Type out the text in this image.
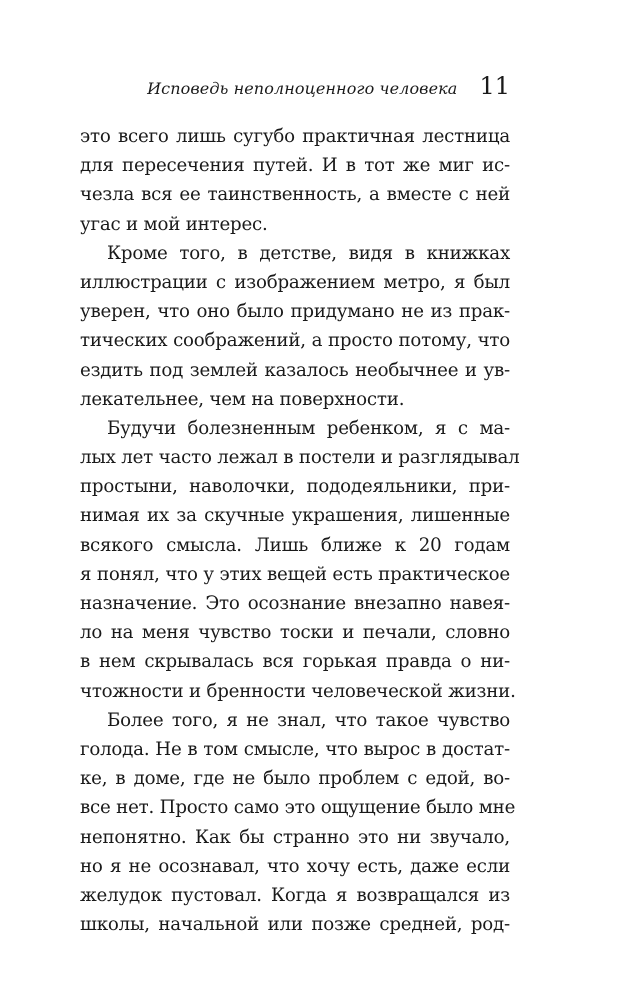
Исповедь неполноценного человека 11
это всего лишь сугубо практичная лестница
для пересечения путей. И в тот же миг ис-
чезла вся ее таинственность, а вместе с ней
угас и мой интерес.
Кроме того, в детстве, видя в книжках
иллюстрации с изображением метро, я был
уверен, что оно было придумано не из прак-
тических соображений, а просто потому, что
ездить под землей казалось необычнее и ув-
лекательнее, чем на поверхности.
Будучи болезненным ребенком, я с ма-
лых лет часто лежал в постели и разглядывал
простыни, наволочки, пододеяльники, при-
нимая их за скучные украшения, лишенные
всякого смысла. Лишь ближе к 20 годам
я понял, что у этих вещей есть практическое
назначение. Это осознание внезапно навея-
ло на меня чувство тоски и печали, словно
в нем скрывалась вся горькая правда о ни-
чтожности и бренности человеческой жизни.
Более того, я не знал, что такое чувство
голода. Не в том смысле, что вырос в достат-
ке, в доме, где не было проблем с едой, во-
все нет. Просто само это ощущение было мне
непонятно. Как бы странно это ни звучало,
но я не осознавал, что хочу есть, даже если
желудок пустовал. Когда я возвращался из
школы, начальной или позже средней, род-
